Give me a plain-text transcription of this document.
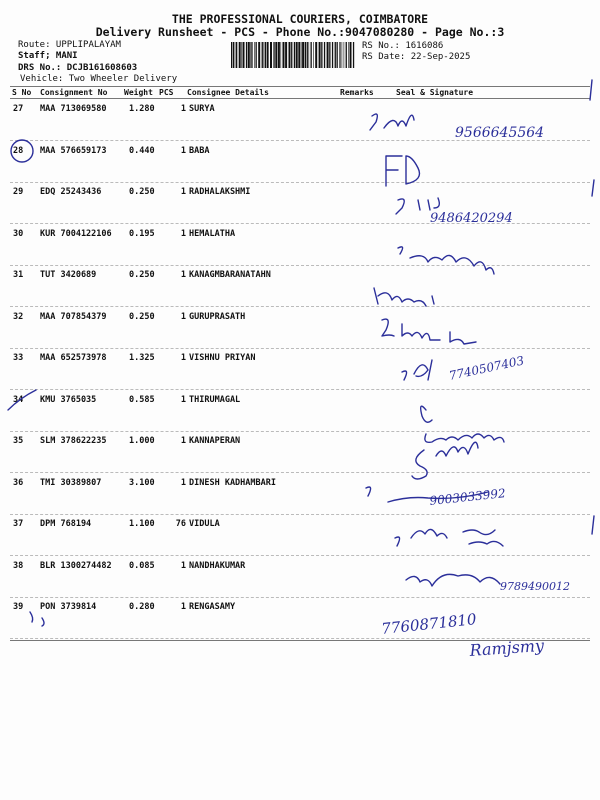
THE PROFESSIONAL COURIERS, COIMBATORE
Delivery Runsheet - PCS - Phone No.:9047080280 - Page No.:3
Route: UPPLIPALAYAM
Staff; MANI
DRS No.: DCJB161608603
Vehicle: Two Wheeler Delivery
RS No.: 1616086
RS Date: 22-Sep-2025
S No Consignment No Weight PCS Consignee Details	Remarks	Seal & Signature
27 MAA 713069580	1.280	1 SURYA
28 MAA 576659173	0.440	1 BABA
29 EDQ 25243436	0.250	1 RADHALAKSHMI
30 KUR 7004122106 0.195	1 HEMALATHA
31 TUT 3420689	0.250	1 KANAGMBARANATAHN
32 MAA 707854379	0.250	1 GURUPRASATH
33 MAA 652573978	1.325	1 VISHNU PRIYAN
34 KMU 3765035	0.585	1 THIRUMAGAL
35 SLM 378622235	1.000	1 KANNAPERAN
36 TMI 30389807	3.100	1 DINESH KADHAMBARI
37 DPM 768194	1.100	76 VIDULA
38 BLR 1300274482 0.085	1 NANDHAKUMAR
39 PON 3739814	0.280	1 RENGASAMY
9566645564
9486420294
7740507403
9003033992
9789490012
7760871810
Ramjsmy
